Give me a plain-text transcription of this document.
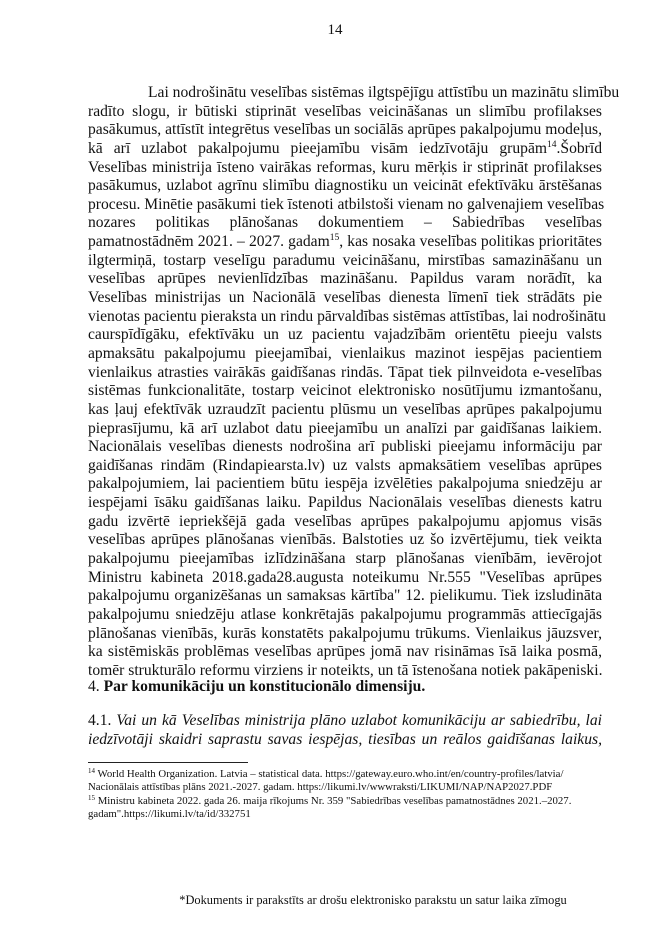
14
Lai nodrošinātu veselības sistēmas ilgtspējīgu attīstību un mazinātu slimību
radīto slogu, ir būtiski stiprināt veselības veicināšanas un slimību profilakses
pasākumus, attīstīt integrētus veselības un sociālās aprūpes pakalpojumu modeļus,
kā arī uzlabot pakalpojumu pieejamību visām iedzīvotāju grupām$^{14}$.Šobrīd
Veselības ministrija īsteno vairākas reformas, kuru mērķis ir stiprināt profilakses
pasākumus, uzlabot agrīnu slimību diagnostiku un veicināt efektīvāku ārstēšanas
procesu. Minētie pasākumi tiek īstenoti atbilstoši vienam no galvenajiem veselības
nozares politikas plānošanas dokumentiem – Sabiedrības veselības
pamatnostādnēm 2021. – 2027. gadam$^{15}$, kas nosaka veselības politikas prioritātes
ilgtermiņā, tostarp veselīgu paradumu veicināšanu, mirstības samazināšanu un
veselības aprūpes nevienlīdzības mazināšanu. Papildus varam norādīt, ka
Veselības ministrijas un Nacionālā veselības dienesta līmenī tiek strādāts pie
vienotas pacientu pieraksta un rindu pārvaldības sistēmas attīstības, lai nodrošinātu
caurspīdīgāku, efektīvāku un uz pacientu vajadzībām orientētu pieeju valsts
apmaksātu pakalpojumu pieejamībai, vienlaikus mazinot iespējas pacientiem
vienlaikus atrasties vairākās gaidīšanas rindās. Tāpat tiek pilnveidota e-veselības
sistēmas funkcionalitāte, tostarp veicinot elektronisko nosūtījumu izmantošanu,
kas ļauj efektīvāk uzraudzīt pacientu plūsmu un veselības aprūpes pakalpojumu
pieprasījumu, kā arī uzlabot datu pieejamību un analīzi par gaidīšanas laikiem.
Nacionālais veselības dienests nodrošina arī publiski pieejamu informāciju par
gaidīšanas rindām (Rindapiearsta.lv) uz valsts apmaksātiem veselības aprūpes
pakalpojumiem, lai pacientiem būtu iespēja izvēlēties pakalpojuma sniedzēju ar
iespējami īsāku gaidīšanas laiku. Papildus Nacionālais veselības dienests katru
gadu izvērtē iepriekšējā gada veselības aprūpes pakalpojumu apjomus visās
veselības aprūpes plānošanas vienībās. Balstoties uz šo izvērtējumu, tiek veikta
pakalpojumu pieejamības izlīdzināšana starp plānošanas vienībām, ievērojot
Ministru kabineta 2018.gada28.augusta noteikumu Nr.555 "Veselības aprūpes
pakalpojumu organizēšanas un samaksas kārtība" 12. pielikumu. Tiek izsludināta
pakalpojumu sniedzēju atlase konkrētajās pakalpojumu programmās attiecīgajās
plānošanas vienībās, kurās konstatēts pakalpojumu trūkums. Vienlaikus jāuzsver,
ka sistēmiskās problēmas veselības aprūpes jomā nav risināmas īsā laika posmā,
tomēr strukturālo reformu virziens ir noteikts, un tā īstenošana notiek pakāpeniski.
4. Par komunikāciju un konstitucionālo dimensiju.
4.1. Vai un kā Veselības ministrija plāno uzlabot komunikāciju ar sabiedrību, lai
iedzīvotāji skaidri saprastu savas iespējas, tiesības un reālos gaidīšanas laikus,
$^{14}$ World Health Organization. Latvia – statistical data. https://gateway.euro.who.int/en/country-profiles/latvia/
Nacionālais attīstības plāns 2021.-2027. gadam. https://likumi.lv/wwwraksti/LIKUMI/NAP/NAP2027.PDF
$^{15}$ Ministru kabineta 2022. gada 26. maija rīkojums Nr. 359 "Sabiedrības veselības pamatnostādnes 2021.–2027.
gadam".https://likumi.lv/ta/id/332751
*Dokuments ir parakstīts ar drošu elektronisko parakstu un satur laika zīmogu
